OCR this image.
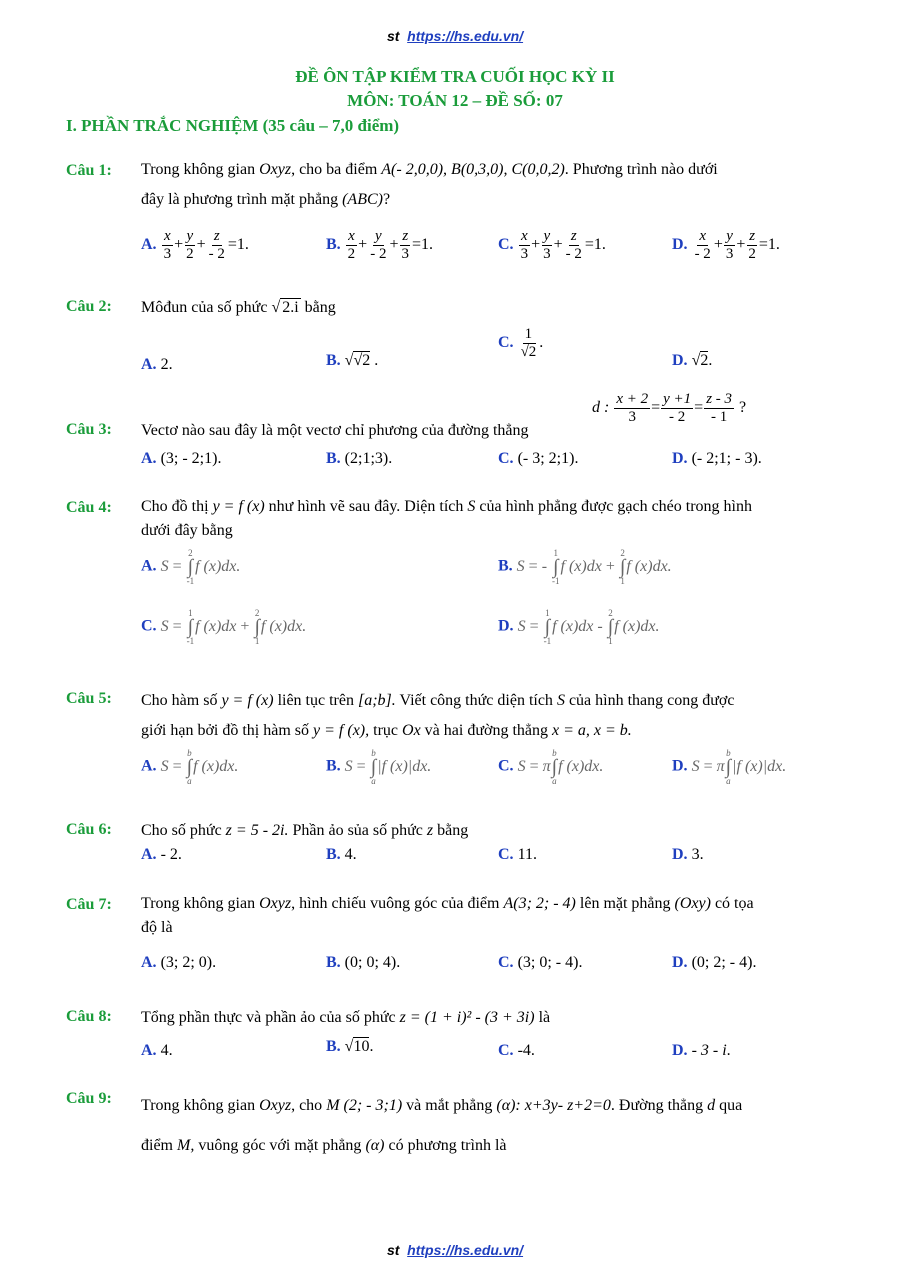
st https://hs.edu.vn/
ĐỀ ÔN TẬP KIỂM TRA CUỐI HỌC KỲ II
MÔN: TOÁN 12 – ĐỀ SỐ: 07
I. PHẦN TRẮC NGHIỆM (35 câu – 7,0 điểm)
Câu 1: Trong không gian Oxyz, cho ba điểm A(- 2,0,0), B(0,3,0), C(0,0,2). Phương trình nào dưới
đây là phương trình mặt phẳng (ABC)?
A. $\frac{x}{3} + \frac{y}{2} + \frac{z}{- 2} =1$.	B. $\frac{x}{2} + \frac{y}{- 2} + \frac{z}{3} =1$.	C. $\frac{x}{3} + \frac{y}{3} + \frac{z}{- 2} =1$.	D. $\frac{x}{- 2} + \frac{y}{3} + \frac{z}{2} =1$.
Câu 2: Môđun của số phức √ 2.i bằng
A. 2.	B. √√2 .
C. $\frac{1}{√2}$ .
D. √2.
Câu 3: Vectơ nào sau đây là một vectơ chỉ phương của đường thẳng
d : $\frac{x + 2}{3} = \frac{y +1}{- 2} = \frac{z - 3}{- 1}$ ?
A. (3; - 2;1).	B. (2;1;3).	C. (- 3; 2;1).	D. (- 2;1; - 3).
Câu 4: Cho đồ thị y = f (x) như hình vẽ sau đây. Diện tích S của hình phẳng được gạch chéo trong hình
dưới đây bằng
A. S =
2
∫
-1
f (x)dx.	B. S = -
1
∫
-1
f (x)dx +
2
∫
1
f (x)dx.
C. S =
1
∫
-1
f (x)dx +
2
∫
1
f (x)dx.	D. S =
1
∫
-1
f (x)dx -
2
∫
1
f (x)dx.
Câu 5: Cho hàm số y = f (x) liên tục trên [a;b]. Viết công thức diện tích S của hình thang cong được
giới hạn bởi đồ thị hàm số y = f (x), trục Ox và hai đường thẳng x = a, x = b.
A. S =
b
∫
a
f (x)dx.	B. S =
b
∫
a
|f (x)|dx.	C. S = π
b
∫
a
f (x)dx.	D. S = π
b
∫
a
|f (x)|dx.
Câu 6: Cho số phức z = 5 - 2i. Phần ảo sủa số phức z bằng
A. - 2.	B. 4.	C. 11.	D. 3.
Câu 7: Trong không gian Oxyz, hình chiếu vuông góc của điểm A(3; 2; - 4) lên mặt phẳng (Oxy) có tọa
độ là
A. (3; 2; 0).	B. (0; 0; 4).	C. (3; 0; - 4).	D. (0; 2; - 4).
Câu 8: Tổng phần thực và phần ảo của số phức z = (1 + i)² - (3 + 3i) là
A. 4.	B. √10.	C. -4.	D. - 3 - i.
Câu 9: Trong không gian Oxyz, cho M (2; - 3;1) và mắt phẳng (α): x+3y- z+2=0. Đường thẳng d qua
điểm M, vuông góc với mặt phẳng (α) có phương trình là
st https://hs.edu.vn/
